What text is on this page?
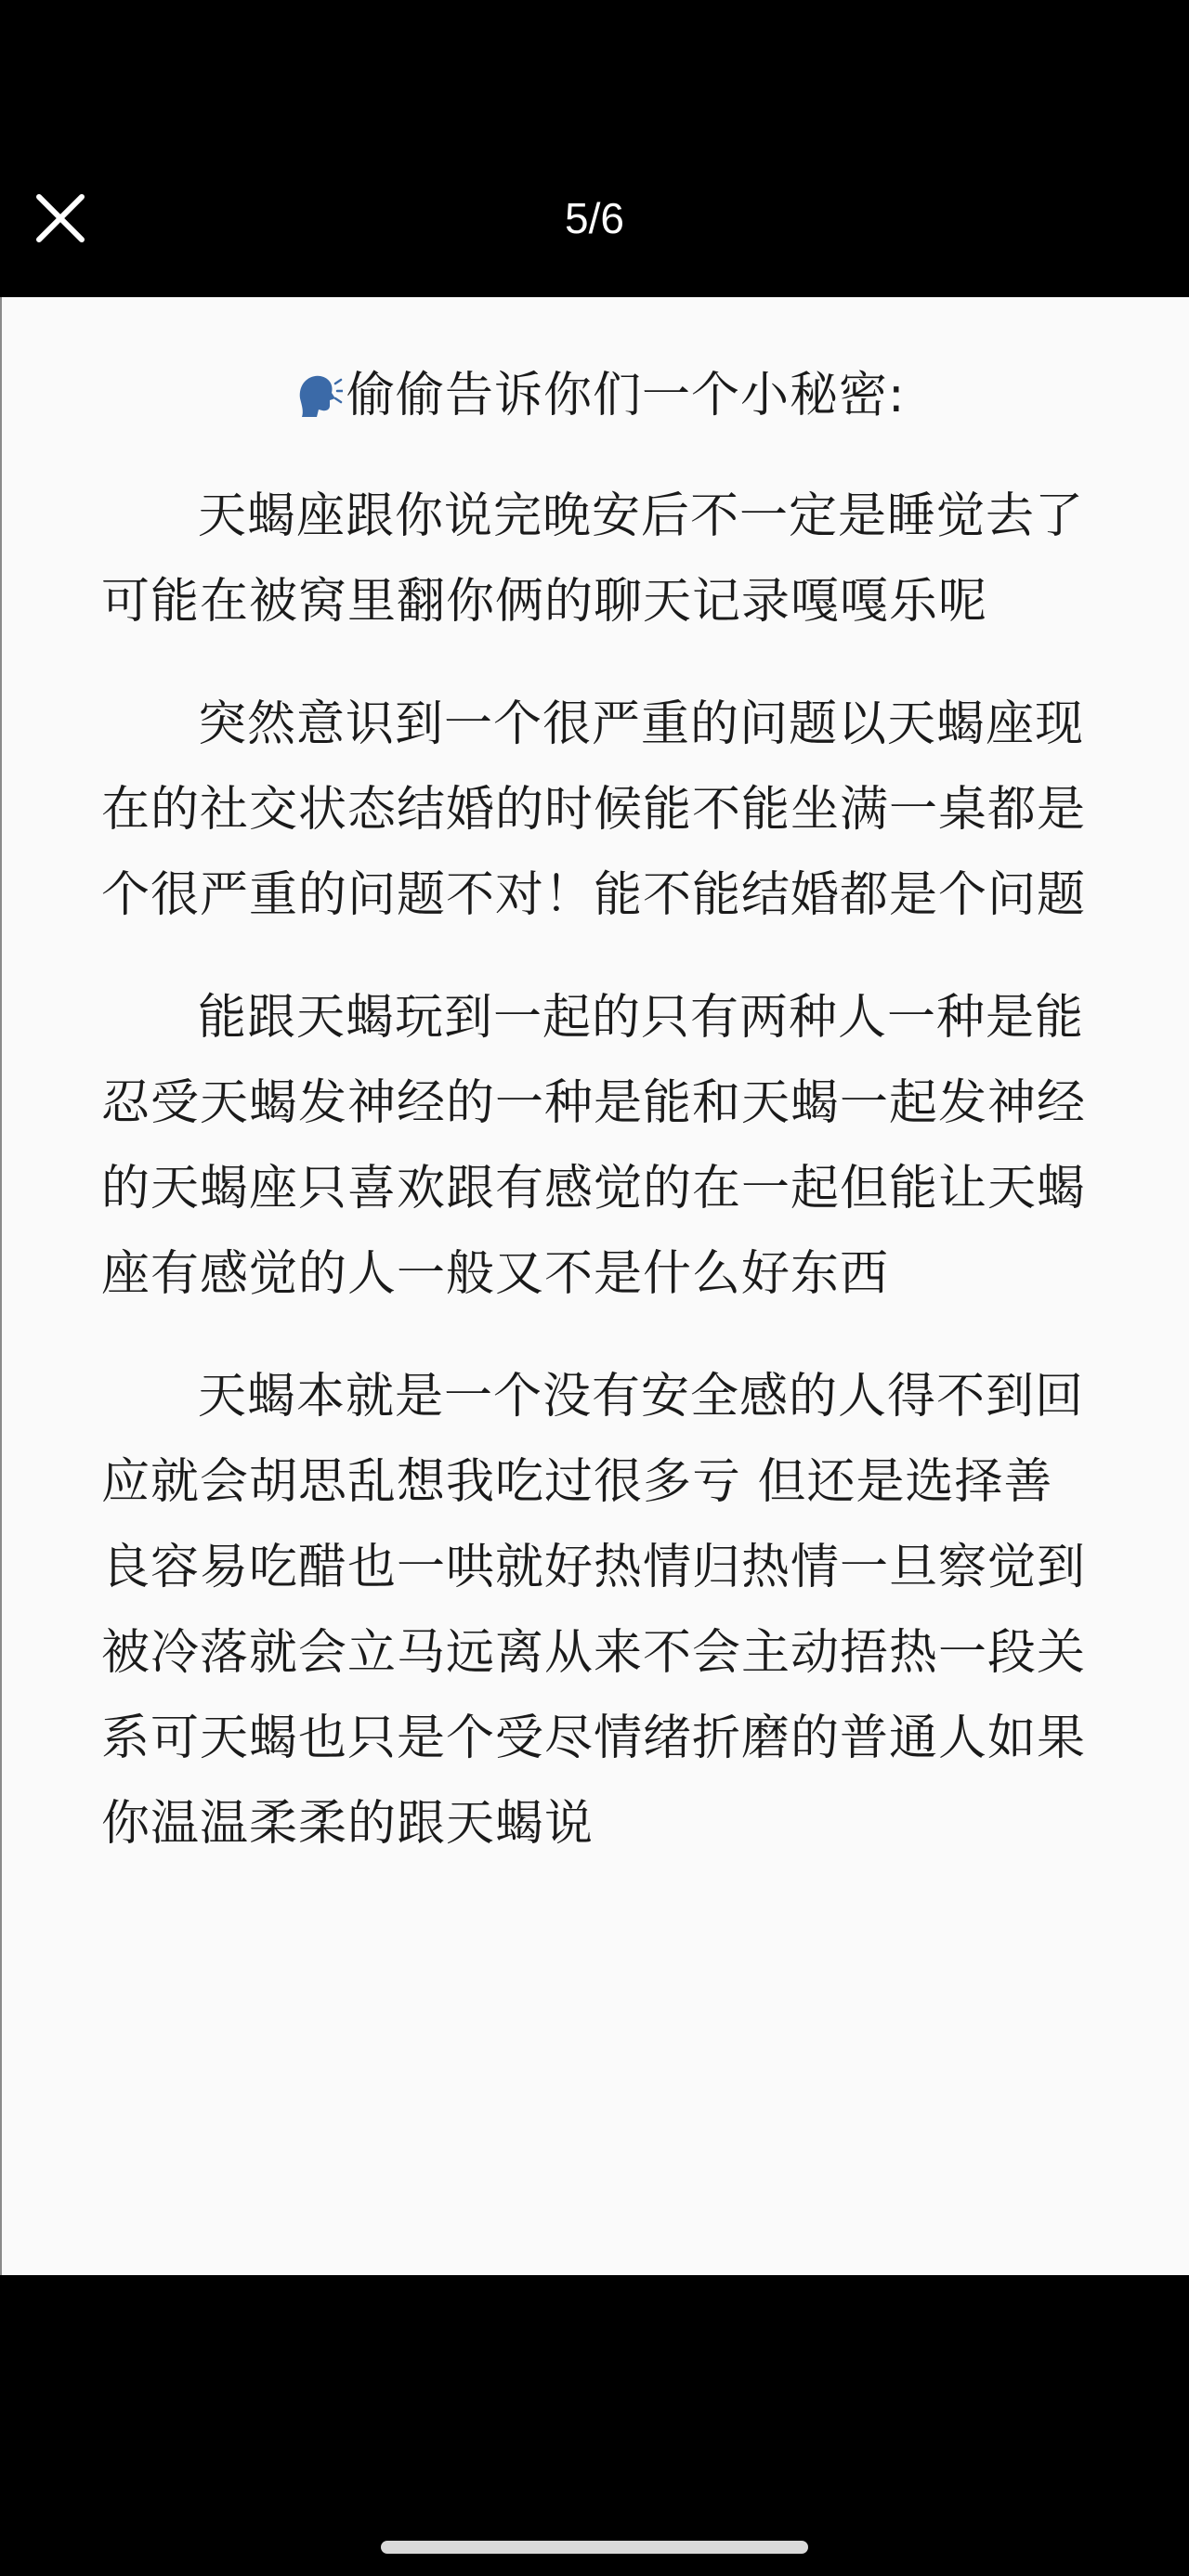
5/6

偷偷告诉你们一个小秘密:

天蝎座跟你说完晚安后不一定是睡觉去了可能在被窝里翻你俩的聊天记录嘎嘎乐呢

突然意识到一个很严重的问题以天蝎座现在的社交状态结婚的时候能不能坐满一桌都是个很严重的问题不对！能不能结婚都是个问题

能跟天蝎玩到一起的只有两种人一种是能忍受天蝎发神经的一种是能和天蝎一起发神经的天蝎座只喜欢跟有感觉的在一起但能让天蝎座有感觉的人一般又不是什么好东西

天蝎本就是一个没有安全感的人得不到回应就会胡思乱想我吃过很多亏 但还是选择善良容易吃醋也一哄就好热情归热情一旦察觉到被冷落就会立马远离从来不会主动捂热一段关系可天蝎也只是个受尽情绪折磨的普通人如果你温温柔柔的跟天蝎说
